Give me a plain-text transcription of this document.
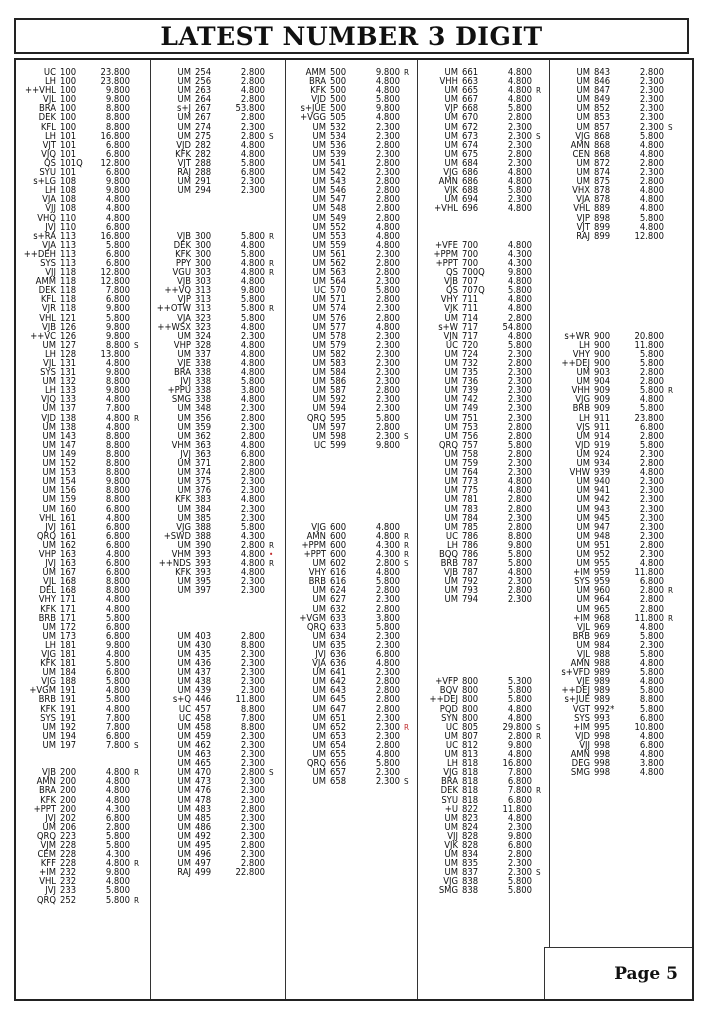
LATEST NUMBER 3 DIGIT
UC 100	23.800
LH 100	23.800
++VHL 100	9.800
VJL 100	9.800
BRA 100	8.800
DEK 100	8.800
KFL 100	8.800
LH 101	16.800
VJT 101	6.800
VJQ 101	6.800
QS 101Q	12.800
SYU 101	6.800
s+LG 108	9.800
LH 108	9.800
VJA 108	4.800
VJJ 108	4.800
VHQ 110	4.800
JVJ 110	6.800
s+RA 113	16.800
VJA 113	5.800
++DEH 113	6.800
SYS 113	6.800
VJJ 118	12.800
AMM 118	12.800
DEK 118	7.800
KFL 118	6.800
VJR 118	9.800
VHL 121	5.800
VJB 126	9.800
++VC 126	9.800
UM 127	8.800 S
LH 128	13.800
VJL 131	4.800
SYS 131	9.800
UM 132	8.800
LH 133	9.800
VJQ 133	4.800
UM 137	7.800
VJD 138	4.800 R
UM 138	4.800
UM 143	8.800
UM 147	8.800
UM 149	8.800
UM 152	8.800
UM 153	8.800
UM 154	9.800
UM 156	8.800
UM 159	8.800
UM 160	6.800
VHL 161	4.800
JVJ 161	6.800
QRQ 161	6.800
UM 162	6.800
VHP 163	4.800
JVJ 163	6.800
UM 167	6.800
VJL 168	8.800
DEL 168	8.800
VHY 171	4.800
KFK 171	4.800
BRB 171	5.800
UM 172	6.800
UM 173	6.800
LH 181	9.800
VJG 181	4.800
KFK 181	5.800
UM 184	6.800
VJG 188	5.800
+VGM 191	4.800
BRB 191	5.800
KFK 191	4.800
SYS 191	7.800
UM 192	7.800
UM 194	6.800
UM 197	7.800 S
VJB 200	4.800 R
AMN 200	4.800
BRA 200	4.800
KFK 200	4.800
+PPT 200	4.300
JVJ 202	6.800
UM 206	2.800
QRQ 223	5.800
VJM 228	5.800
CEM 228	4.300
KFF 228	4.800 R
+IM 232	9.800
VHL 232	4.800
JVJ 233	5.800
QRQ 252	5.800 R
UM 254	2.800
UM 256	2.800
UM 263	4.800
UM 264	2.800
s+J 267	53.800
UM 267	2.800
UM 274	2.300
UM 275	2.800 S
VJD 282	4.800
KFK 282	4.800
VJT 288	5.800
RAJ 288	6.800
UM 291	2.300
UM 294	2.300
VJB 300	5.800 R
DEK 300	4.800
KFK 300	5.800
PPY 300	4.800 R
VGU 303	4.800 R
VJB 303	4.800
++VQ 313	9.800
VJP 313	5.800
++OTW 313	5.800 R
VJA 323	5.800
++WSX 323	4.800
UM 324	2.300
VHP 328	4.800
UM 337	4.800
VJE 338	4.800
BRA 338	4.800
JVJ 338	5.800
+PPU 338	3.800
SMG 338	4.800
UM 348	2.300
UM 356	2.800
UM 359	2.300
UM 362	2.800
VHM 363	4.800
JVJ 363	6.800
UM 371	2.800
UM 374	2.800
UM 375	2.300
UM 376	2.300
KFK 383	4.800
UM 384	2.300
UM 385	2.300
VJG 388	5.800
+SWD 388	4.300
UM 390	2.800 R
VHM 393	4.800 •
++NDS 393	4.800 R
KFK 393	4.800
UM 395	2.300
UM 397	2.300
UM 403	2.800
UM 430	8.800
UM 435	2.300
UM 436	2.300
UM 437	2.300
UM 438	2.300
UM 439	2.300
s+Q 446	11.800
UC 457	8.800
UC 458	7.800
UM 458	8.800
UM 459	2.300
UM 462	2.300
UM 463	2.300
UM 465	2.300
UM 470	2.800 S
UM 473	2.300
UM 476	2.300
UM 478	2.300
UM 483	2.800
UM 485	2.300
UM 486	2.300
UM 492	2.300
UM 495	2.800
UM 496	2.300
UM 497	2.800
RAJ 499	22.800
AMM 500	9.800 R
BRA 500	4.800
KFK 500	4.800
VJD 500	5.800
s+JUE 500	9.800
+VGG 505	4.800
UM 532	2.300
UM 534	2.300
UM 536	2.800
UM 539	2.300
UM 541	2.800
UM 542	2.300
UM 543	2.800
UM 546	2.800
UM 547	2.800
UM 548	2.800
UM 549	2.800
UM 552	4.800
UM 553	4.800
UM 559	4.800
UM 561	2.300
UM 562	2.800
UM 563	2.800
UM 564	2.300
UC 570	5.800
UM 571	2.800
UM 574	2.300
UM 576	2.800
UM 577	4.800
UM 578	2.300
UM 579	2.300
UM 582	2.300
UM 583	2.300
UM 584	2.300
UM 586	2.300
UM 587	2.800
UM 592	2.300
UM 594	2.300
QRQ 595	5.800
UM 597	2.800
UM 598	2.300 S
UC 599	9.800
VJG 600	4.800
AMN 600	4.800 R
+PPM 600	4.300 R
+PPT 600	4.300 R
UM 602	2.800 S
VHY 616	4.800
BRB 616	5.800
UM 624	2.800
UM 627	2.300
UM 632	2.800
+VGM 633	3.800
QRQ 633	5.800
UM 634	2.300
UM 635	2.300
JVJ 636	6.800
VJA 636	4.800
UM 641	2.300
UM 642	2.800
UM 643	2.800
UM 645	2.800
UM 647	2.800
UM 651	2.300
UM 652	2.300 R
UM 653	2.300
UM 654	2.800
UM 655	4.800
QRQ 656	5.800
UM 657	2.300
UM 658	2.300 S
UM 661	4.800
VHH 663	4.800
UM 665	4.800 R
UM 667	4.800
VJP 668	5.800
UM 670	2.800
UM 672	2.300
UM 673	2.300 S
UM 674	2.300
UM 675	2.800
UM 684	2.300
VJG 686	4.800
AMN 686	4.800
VJK 688	5.800
UM 694	2.300
+VHL 696	4.800
+VFE 700	4.800
+PPM 700	4.300
+PPT 700	4.300
QS 700Q	9.800
VJB 707	4.800
QS 707Q	5.800
VHY 711	4.800
VJK 711	4.800
UM 714	2.800
s+W 717	54.800
VJN 717	4.800
UC 720	5.800
UM 724	2.300
UM 732	2.800
UM 735	2.300
UM 736	2.300
UM 739	2.300
UM 742	2.300
UM 749	2.300
UM 751	2.300
UM 753	2.800
UM 756	2.800
QRQ 757	5.800
UM 758	2.800
UM 759	2.300
UM 764	2.300
UM 773	4.800
UM 775	4.800
UM 781	2.800
UM 783	2.800
UM 784	2.300
UM 785	2.800
UC 786	8.800
LH 786	9.800
BQQ 786	5.800
BRB 787	5.800
VJB 787	4.800
UM 792	2.300
UM 793	2.800
UM 794	2.300
+VFP 800	5.300
BQV 800	5.800
++DEJ 800	5.800
PQD 800	4.800
SYN 800	4.800
UC 805	29.800 S
UM 807	2.800 R
UC 812	9.800
UM 813	4.800
LH 818	16.800
VJG 818	7.800
BRA 818	6.800
DEK 818	7.800 R
SYU 818	6.800
+U 822	11.800
UM 823	4.800
UM 824	2.300
VJJ 828	9.800
VJK 828	6.800
UM 834	2.800
UM 835	2.300
UM 837	2.300 S
VJG 838	5.800
SMG 838	5.800
UM 843	2.800
UM 846	2.300
UM 847	2.300
UM 849	2.300
UM 852	2.300
UM 853	2.300
UM 857	2.300 S
VJG 868	5.800
AMN 868	4.800
CEN 868	4.800
UM 872	2.800
UM 874	2.300
UM 875	2.800
VHX 878	4.800
VJA 878	4.800
VHL 889	4.800
VJP 898	5.800
VJT 899	4.800
RAJ 899	12.800
s+WR 900	20.800
LH 900	11.800
VHY 900	5.800
++DEJ 900	5.800
UM 903	2.800
UM 904	2.800
VHH 909	5.800 R
VJG 909	4.800
BRB 909	5.800
LH 911	23.800
VJS 911	6.800
UM 914	2.800
VJD 919	5.800
UM 924	2.300
UM 934	2.800
VHW 939	4.800
UM 940	2.300
UM 941	2.300
UM 942	2.300
UM 943	2.300
UM 945	2.300
UM 947	2.300
UM 948	2.300
UM 951	2.800
UM 952	2.300
UM 955	4.800
+IM 959	11.800
SYS 959	6.800
UM 960	2.800 R
UM 964	2.800
UM 965	2.800
+IM 968	11.800 R
VJL 969	4.800
BRB 969	5.800
UM 984	2.300
VJL 988	5.800
AMN 988	4.800
s+VFD 989	5.800
VJE 989	4.800
++DEJ 989	5.800
s+JUE 989	8.800
VGT 992*	5.800
SYS 993	6.800
+IM 995	10.800
VJD 998	4.800
VJJ 998	6.800
AMN 998	4.800
DEG 998	3.800
SMG 998	4.800
Page 5
